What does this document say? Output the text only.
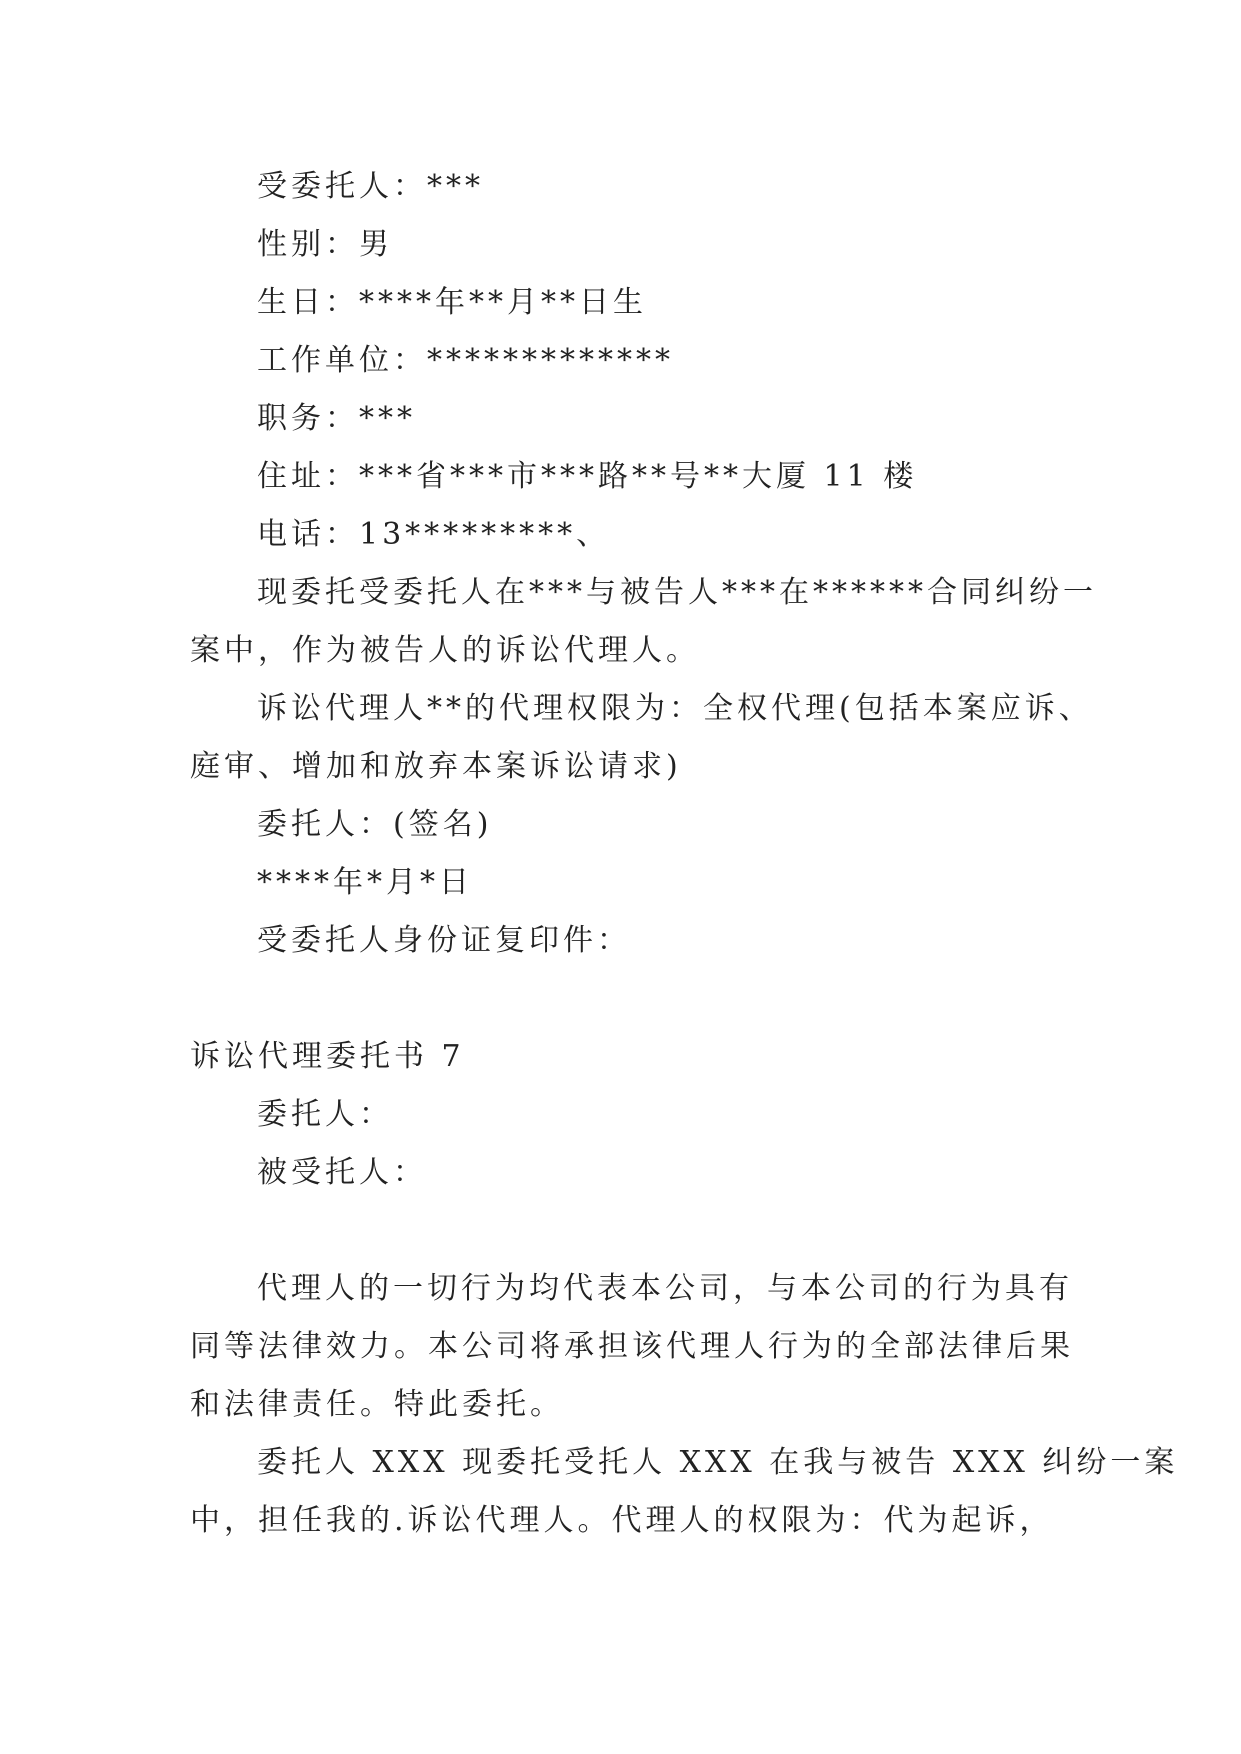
受委托人：***
性别：男
生日：****年**月**日生
工作单位：*************
职务：***
住址：***省***市***路**号**大厦 11 楼
电话：13*********、
现委托受委托人在***与被告人***在******合同纠纷一
案中，作为被告人的诉讼代理人。
诉讼代理人**的代理权限为：全权代理(包括本案应诉、
庭审、增加和放弃本案诉讼请求)
委托人：(签名)
****年*月*日
受委托人身份证复印件：
诉讼代理委托书 7
委托人：
被受托人：
代理人的一切行为均代表本公司，与本公司的行为具有
同等法律效力。本公司将承担该代理人行为的全部法律后果
和法律责任。特此委托。
委托人 XXX 现委托受托人 XXX 在我与被告 XXX 纠纷一案
中，担任我的.诉讼代理人。代理人的权限为：代为起诉，
